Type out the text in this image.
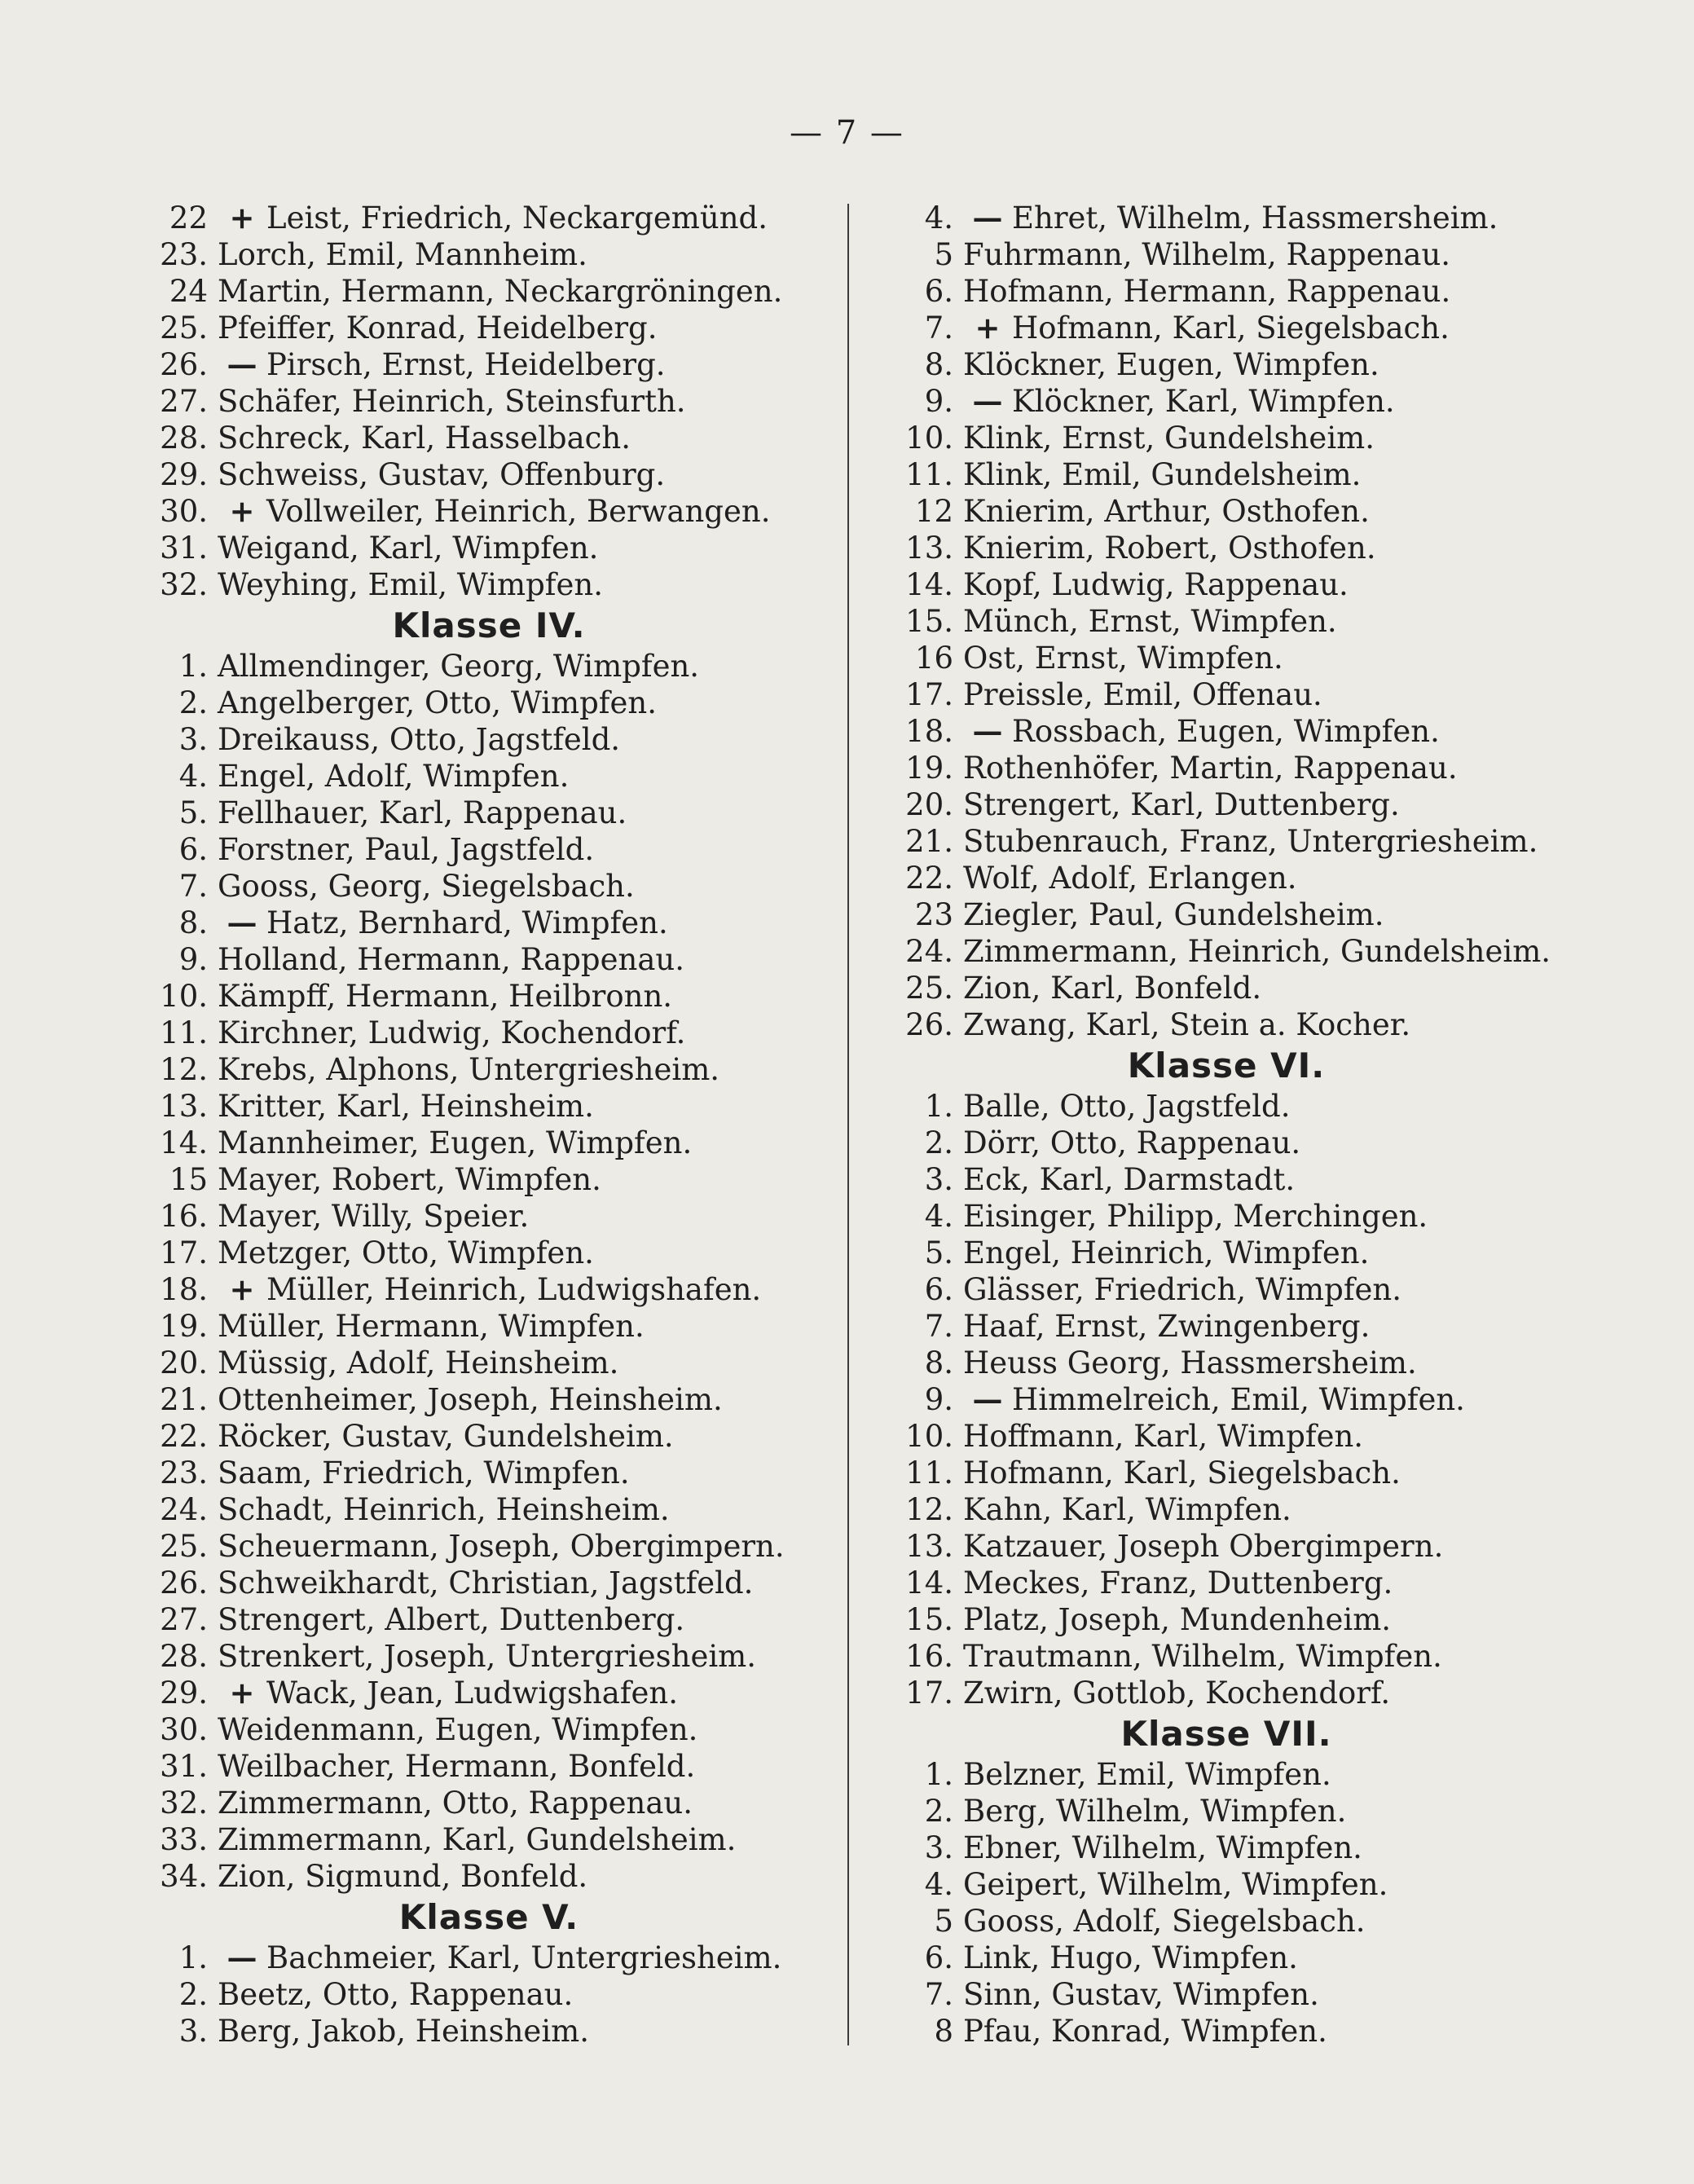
— 7 —
22 + Leist, Friedrich, Neckargemünd.
23. Lorch, Emil, Mannheim.
24 Martin, Hermann, Neckargröningen.
25. Pfeiffer, Konrad, Heidelberg.
26. — Pirsch, Ernst, Heidelberg.
27. Schäfer, Heinrich, Steinsfurth.
28. Schreck, Karl, Hasselbach.
29. Schweiss, Gustav, Offenburg.
30. + Vollweiler, Heinrich, Berwangen.
31. Weigand, Karl, Wimpfen.
32. Weyhing, Emil, Wimpfen.
Klasse IV.
1. Allmendinger, Georg, Wimpfen.
2. Angelberger, Otto, Wimpfen.
3. Dreikauss, Otto, Jagstfeld.
4. Engel, Adolf, Wimpfen.
5. Fellhauer, Karl, Rappenau.
6. Forstner, Paul, Jagstfeld.
7. Gooss, Georg, Siegelsbach.
8. — Hatz, Bernhard, Wimpfen.
9. Holland, Hermann, Rappenau.
10. Kämpff, Hermann, Heilbronn.
11. Kirchner, Ludwig, Kochendorf.
12. Krebs, Alphons, Untergriesheim.
13. Kritter, Karl, Heinsheim.
14. Mannheimer, Eugen, Wimpfen.
15 Mayer, Robert, Wimpfen.
16. Mayer, Willy, Speier.
17. Metzger, Otto, Wimpfen.
18. + Müller, Heinrich, Ludwigshafen.
19. Müller, Hermann, Wimpfen.
20. Müssig, Adolf, Heinsheim.
21. Ottenheimer, Joseph, Heinsheim.
22. Röcker, Gustav, Gundelsheim.
23. Saam, Friedrich, Wimpfen.
24. Schadt, Heinrich, Heinsheim.
25. Scheuermann, Joseph, Obergimpern.
26. Schweikhardt, Christian, Jagstfeld.
27. Strengert, Albert, Duttenberg.
28. Strenkert, Joseph, Untergriesheim.
29. + Wack, Jean, Ludwigshafen.
30. Weidenmann, Eugen, Wimpfen.
31. Weilbacher, Hermann, Bonfeld.
32. Zimmermann, Otto, Rappenau.
33. Zimmermann, Karl, Gundelsheim.
34. Zion, Sigmund, Bonfeld.
Klasse V.
1. — Bachmeier, Karl, Untergriesheim.
2. Beetz, Otto, Rappenau.
3. Berg, Jakob, Heinsheim.
4. — Ehret, Wilhelm, Hassmersheim.
5 Fuhrmann, Wilhelm, Rappenau.
6. Hofmann, Hermann, Rappenau.
7. + Hofmann, Karl, Siegelsbach.
8. Klöckner, Eugen, Wimpfen.
9. — Klöckner, Karl, Wimpfen.
10. Klink, Ernst, Gundelsheim.
11. Klink, Emil, Gundelsheim.
12 Knierim, Arthur, Osthofen.
13. Knierim, Robert, Osthofen.
14. Kopf, Ludwig, Rappenau.
15. Münch, Ernst, Wimpfen.
16 Ost, Ernst, Wimpfen.
17. Preissle, Emil, Offenau.
18. — Rossbach, Eugen, Wimpfen.
19. Rothenhöfer, Martin, Rappenau.
20. Strengert, Karl, Duttenberg.
21. Stubenrauch, Franz, Untergriesheim.
22. Wolf, Adolf, Erlangen.
23 Ziegler, Paul, Gundelsheim.
24. Zimmermann, Heinrich, Gundelsheim.
25. Zion, Karl, Bonfeld.
26. Zwang, Karl, Stein a. Kocher.
Klasse VI.
1. Balle, Otto, Jagstfeld.
2. Dörr, Otto, Rappenau.
3. Eck, Karl, Darmstadt.
4. Eisinger, Philipp, Merchingen.
5. Engel, Heinrich, Wimpfen.
6. Glässer, Friedrich, Wimpfen.
7. Haaf, Ernst, Zwingenberg.
8. Heuss Georg, Hassmersheim.
9. — Himmelreich, Emil, Wimpfen.
10. Hoffmann, Karl, Wimpfen.
11. Hofmann, Karl, Siegelsbach.
12. Kahn, Karl, Wimpfen.
13. Katzauer, Joseph Obergimpern.
14. Meckes, Franz, Duttenberg.
15. Platz, Joseph, Mundenheim.
16. Trautmann, Wilhelm, Wimpfen.
17. Zwirn, Gottlob, Kochendorf.
Klasse VII.
1. Belzner, Emil, Wimpfen.
2. Berg, Wilhelm, Wimpfen.
3. Ebner, Wilhelm, Wimpfen.
4. Geipert, Wilhelm, Wimpfen.
5 Gooss, Adolf, Siegelsbach.
6. Link, Hugo, Wimpfen.
7. Sinn, Gustav, Wimpfen.
8 Pfau, Konrad, Wimpfen.
